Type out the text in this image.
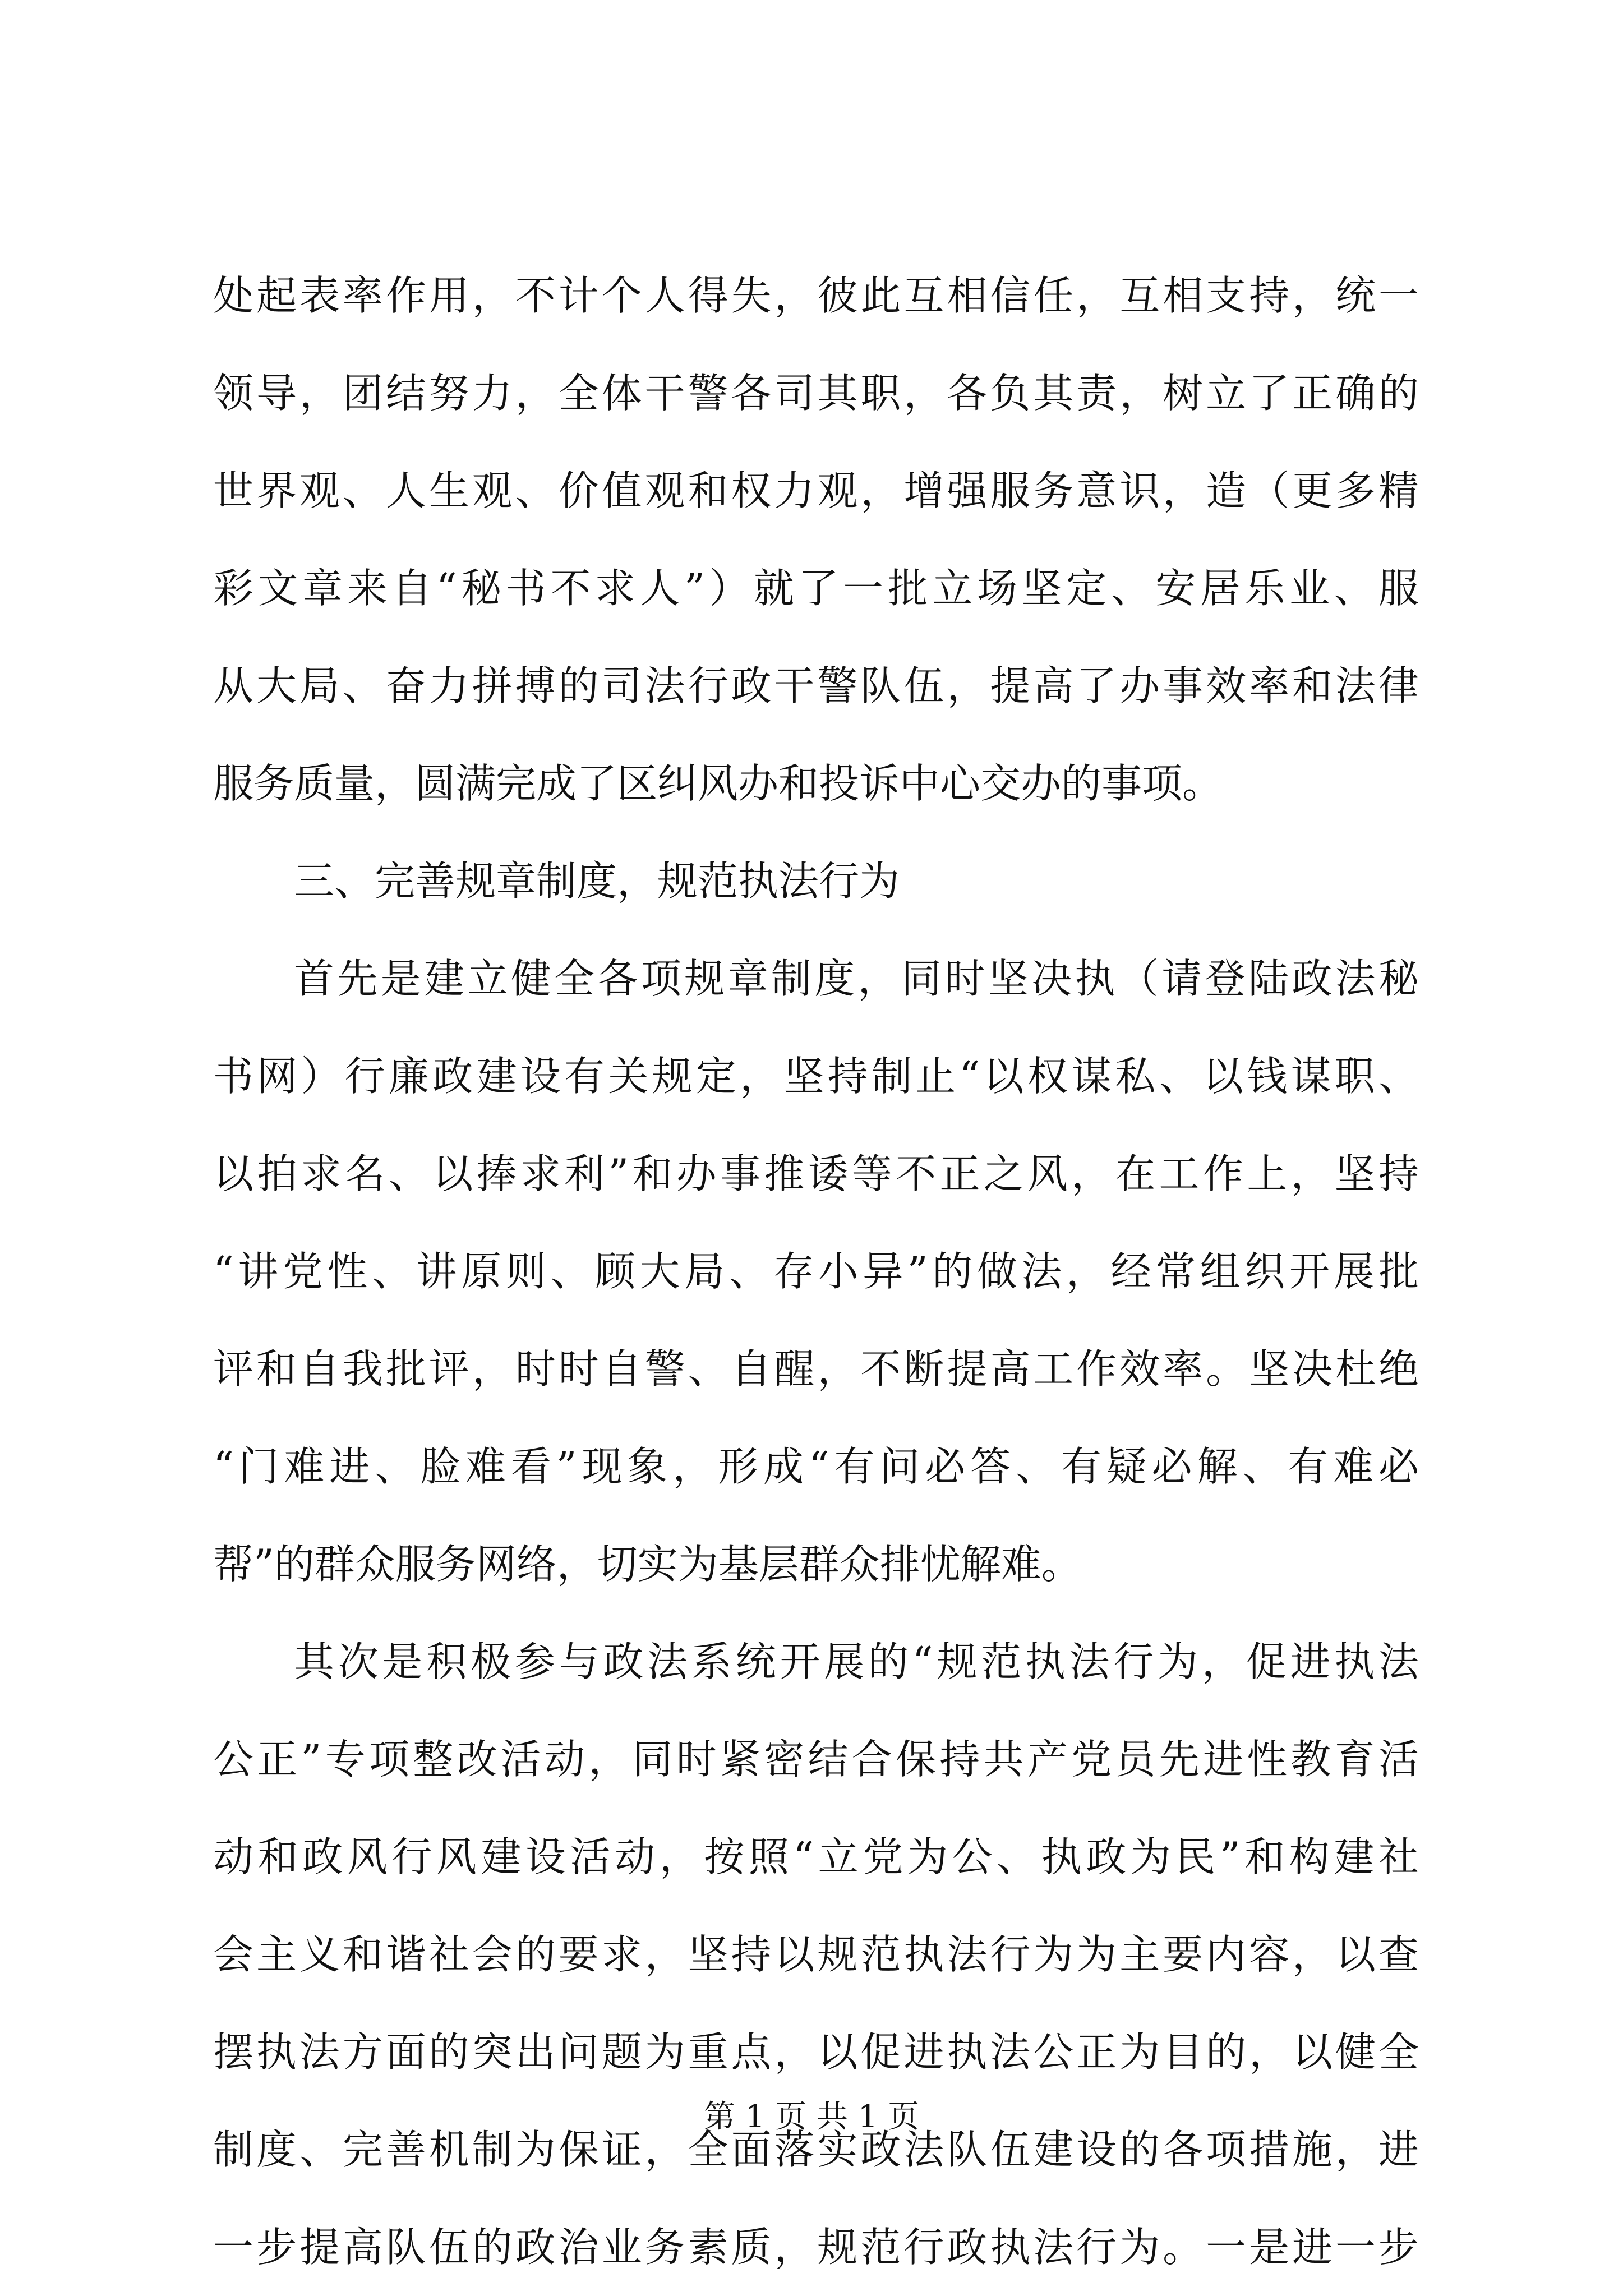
处起表率作用，不计个人得失，彼此互相信任，互相支持，统一
领导，团结努力，全体干警各司其职，各负其责，树立了正确的
世界观、人生观、价值观和权力观，增强服务意识，造（更多精
彩文章来自“秘书不求人”）就了一批立场坚定、安居乐业、服
从大局、奋力拼搏的司法行政干警队伍，提高了办事效率和法律
服务质量，圆满完成了区纠风办和投诉中心交办的事项。
三、完善规章制度，规范执法行为
首先是建立健全各项规章制度，同时坚决执（请登陆政法秘
书网）行廉政建设有关规定，坚持制止“以权谋私、以钱谋职、
以拍求名、以捧求利”和办事推诿等不正之风，在工作上，坚持
“讲党性、讲原则、顾大局、存小异”的做法，经常组织开展批
评和自我批评，时时自警、自醒，不断提高工作效率。坚决杜绝
“门难进、脸难看”现象，形成“有问必答、有疑必解、有难必
帮”的群众服务网络，切实为基层群众排忧解难。
其次是积极参与政法系统开展的“规范执法行为，促进执法
公正”专项整改活动，同时紧密结合保持共产党员先进性教育活
动和政风行风建设活动，按照“立党为公、执政为民”和构建社
会主义和谐社会的要求，坚持以规范执法行为为主要内容，以查
摆执法方面的突出问题为重点，以促进执法公正为目的，以健全
制度、完善机制为保证，全面落实政法队伍建设的各项措施，进
一步提高队伍的政治业务素质，规范行政执法行为。一是进一步
第 1 页 共 1 页
